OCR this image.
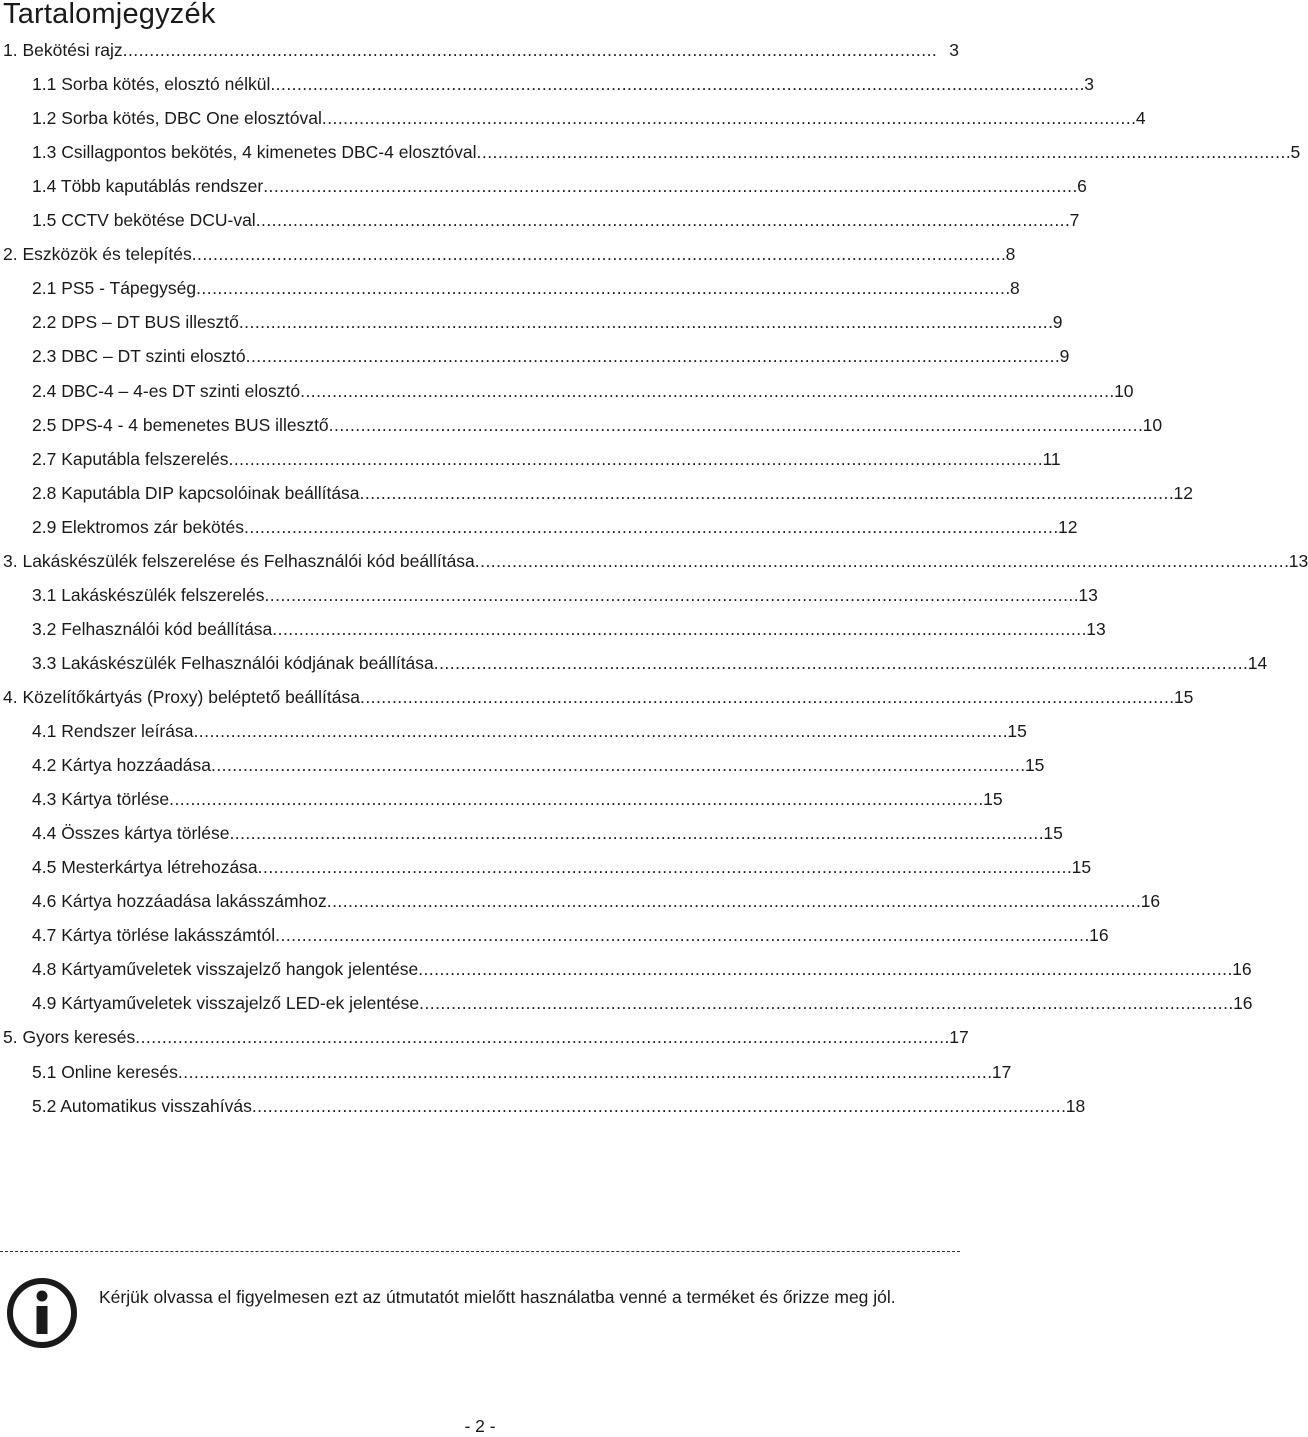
Tartalomjegyzék
1. Bekötési rajz . . .	3
1.1 Sorba kötés, elosztó nélkül . . .	3
1.2 Sorba kötés, DBC One elosztóval . . .	4
1.3 Csillagpontos bekötés, 4 kimenetes DBC-4 elosztóval . . .	5
1.4 Több kaputáblás rendszer . . .	6
1.5 CCTV bekötése DCU-val . . .	7
2. Eszközök és telepítés . . .	8
2.1 PS5 - Tápegység . . .	8
2.2 DPS – DT BUS illesztő . . .	9
2.3 DBC – DT szinti elosztó . . .	9
2.4 DBC-4 – 4-es DT szinti elosztó . . .	10
2.5 DPS-4 - 4 bemenetes BUS illesztő . . .	10
2.7 Kaputábla felszerelés . . .	11
2.8 Kaputábla DIP kapcsolóinak beállítása . . .	12
2.9 Elektromos zár bekötés . . .	12
3. Lakáskészülék felszerelése és Felhasználói kód beállítása . . .	13
3.1 Lakáskészülék felszerelés . . .	13
3.2 Felhasználói kód beállítása . . .	13
3.3 Lakáskészülék Felhasználói kódjának beállítása . . .	14
4. Közelítőkártyás (Proxy) beléptető beállítása . . .	15
4.1 Rendszer leírása . . .	15
4.2 Kártya hozzáadása . . .	15
4.3 Kártya törlése . . .	15
4.4 Összes kártya törlése . . .	15
4.5 Mesterkártya létrehozása . . .	15
4.6 Kártya hozzáadása lakásszámhoz . . .	16
4.7 Kártya törlése lakásszámtól . . .	16
4.8 Kártyaműveletek visszajelző hangok jelentése . . .	16
4.9 Kártyaműveletek visszajelző LED-ek jelentése . . .	16
5. Gyors keresés . . .	17
5.1 Online keresés . . .	17
5.2 Automatikus visszahívás . . .	18
Kérjük olvassa el figyelmesen ezt az útmutatót mielőtt használatba venné a terméket és őrizze meg jól.
- 2 -
